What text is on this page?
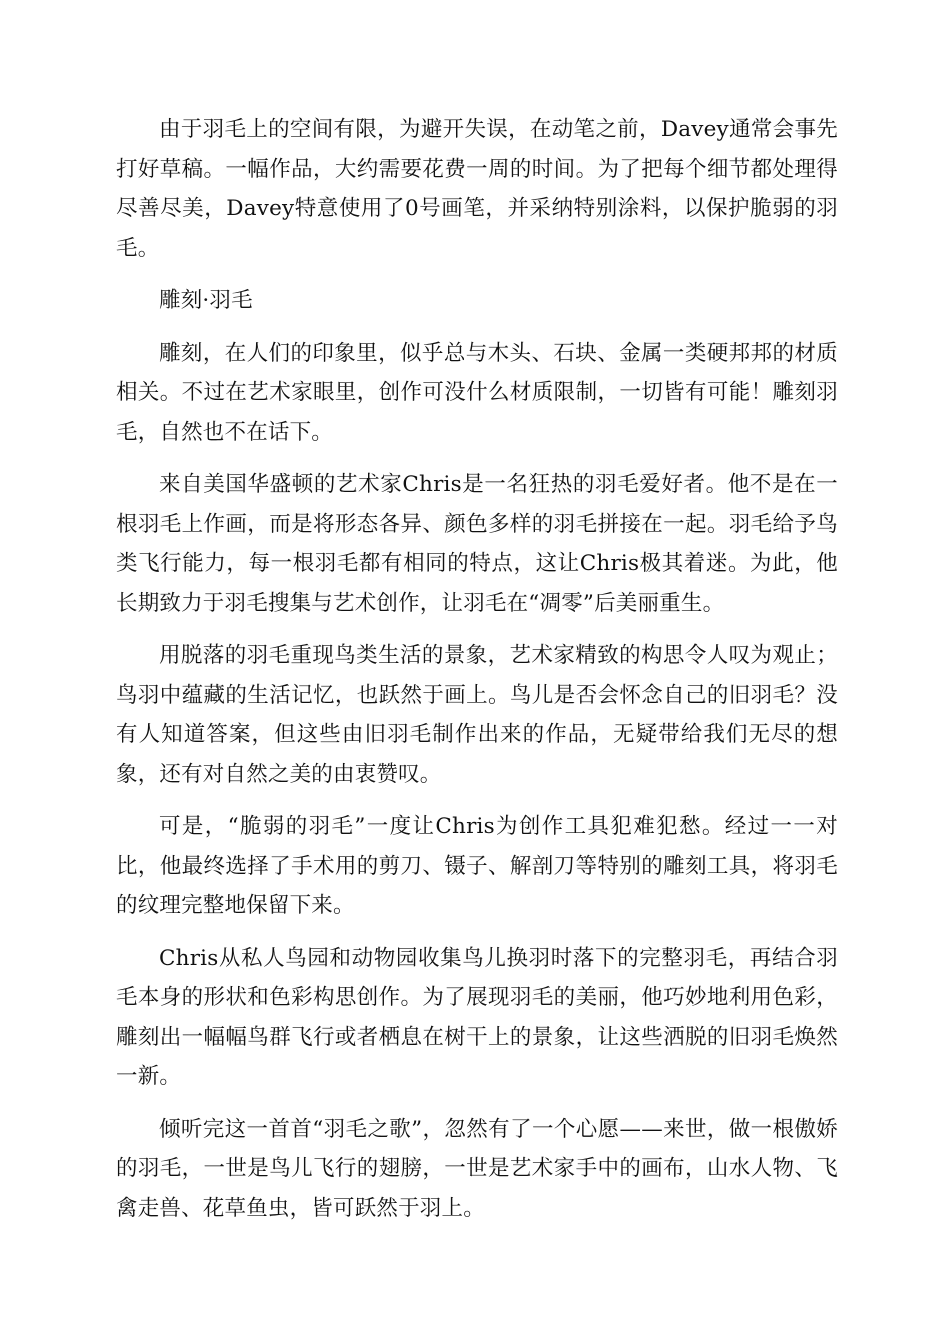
由于羽毛上的空间有限，为避开失误，在动笔之前，Davey通常会事先打好草稿。一幅作品，大约需要花费一周的时间。为了把每个细节都处理得尽善尽美，Davey特意使用了0号画笔，并采纳特别涂料，以保护脆弱的羽毛。

雕刻·羽毛

雕刻，在人们的印象里，似乎总与木头、石块、金属一类硬邦邦的材质相关。不过在艺术家眼里，创作可没什么材质限制，一切皆有可能！雕刻羽毛，自然也不在话下。

来自美国华盛顿的艺术家Chris是一名狂热的羽毛爱好者。他不是在一根羽毛上作画，而是将形态各异、颜色多样的羽毛拼接在一起。羽毛给予鸟类飞行能力，每一根羽毛都有相同的特点，这让Chris极其着迷。为此，他长期致力于羽毛搜集与艺术创作，让羽毛在“凋零”后美丽重生。

用脱落的羽毛重现鸟类生活的景象，艺术家精致的构思令人叹为观止；鸟羽中蕴藏的生活记忆，也跃然于画上。鸟儿是否会怀念自己的旧羽毛？没有人知道答案，但这些由旧羽毛制作出来的作品，无疑带给我们无尽的想象，还有对自然之美的由衷赞叹。

可是，“脆弱的羽毛”一度让Chris为创作工具犯难犯愁。经过一一对比，他最终选择了手术用的剪刀、镊子、解剖刀等特别的雕刻工具，将羽毛的纹理完整地保留下来。

Chris从私人鸟园和动物园收集鸟儿换羽时落下的完整羽毛，再结合羽毛本身的形状和色彩构思创作。为了展现羽毛的美丽，他巧妙地利用色彩，雕刻出一幅幅鸟群飞行或者栖息在树干上的景象，让这些洒脱的旧羽毛焕然一新。

倾听完这一首首“羽毛之歌”，忽然有了一个心愿——来世，做一根傲娇的羽毛，一世是鸟儿飞行的翅膀，一世是艺术家手中的画布，山水人物、飞禽走兽、花草鱼虫，皆可跃然于羽上。
